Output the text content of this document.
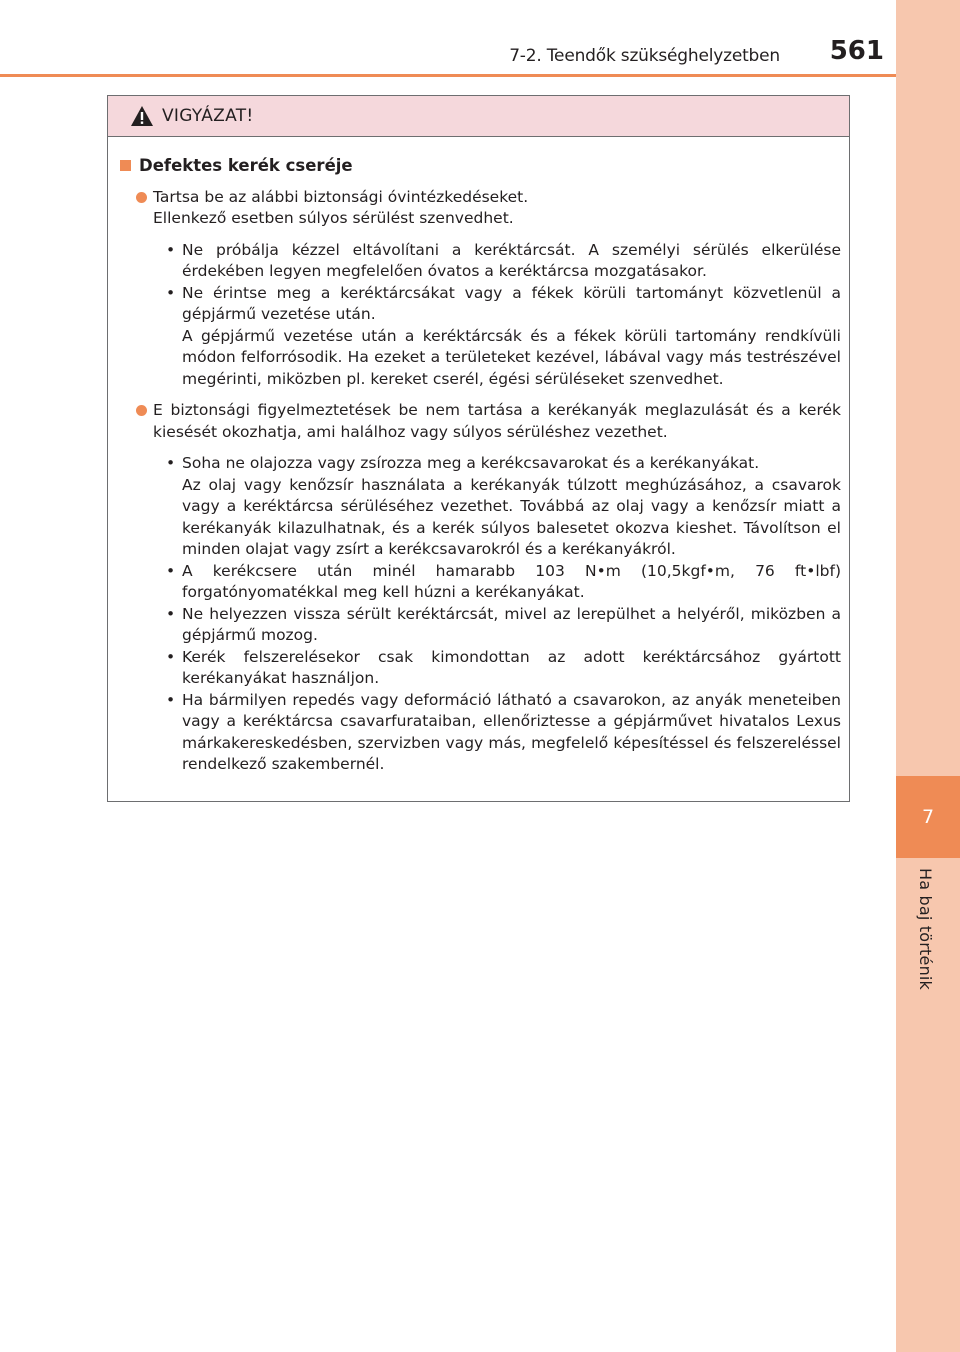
7-2. Teendők szükséghelyzetben 561
7
Ha baj történik
VIGYÁZAT!
Defektes kerék cseréje
Tartsa be az alábbi biztonsági óvintézkedéseket.
Ellenkező esetben súlyos sérülést szenvedhet.
• Ne próbálja kézzel eltávolítani a keréktárcsát. A személyi sérülés elkerülése érdekében legyen megfelelően óvatos a keréktárcsa mozgatásakor.

• Ne érintse meg a keréktárcsákat vagy a fékek körüli tartományt közvetlenül a gépjármű vezetése után.

A gépjármű vezetése után a keréktárcsák és a fékek körüli tartomány rendkívüli módon felforrósodik. Ha ezeket a területeket kezével, lábával vagy más testrészével megérinti, miközben pl. kereket cserél, égési sérüléseket szenvedhet.

E biztonsági figyelmeztetések be nem tartása a kerékanyák meglazulását és a kerék kiesését okozhatja, ami halálhoz vagy súlyos sérüléshez vezethet.
• Soha ne olajozza vagy zsírozza meg a kerékcsavarokat és a kerékanyákat.

Az olaj vagy kenőzsír használata a kerékanyák túlzott meghúzásához, a csavarok vagy a keréktárcsa sérüléséhez vezethet. Továbbá az olaj vagy a kenőzsír miatt a kerékanyák kilazulhatnak, és a kerék súlyos balesetet okozva kieshet. Távolítson el minden olajat vagy zsírt a kerékcsavarokról és a kerékanyákról.

• A kerékcsere után minél hamarabb 103 N•m (10,5kgf•m, 76 ft•lbf) forgatónyomatékkal meg kell húzni a kerékanyákat.

• Ne helyezzen vissza sérült keréktárcsát, mivel az lerepülhet a helyéről, miközben a gépjármű mozog.

• Kerék felszerelésekor csak kimondottan az adott keréktárcsához gyártott kerékanyákat használjon.

• Ha bármilyen repedés vagy deformáció látható a csavarokon, az anyák meneteiben vagy a keréktárcsa csavarfurataiban, ellenőriztesse a gépjárművet hivatalos Lexus márkakereskedésben, szervizben vagy más, megfelelő képesítéssel és felszereléssel rendelkező szakembernél.
